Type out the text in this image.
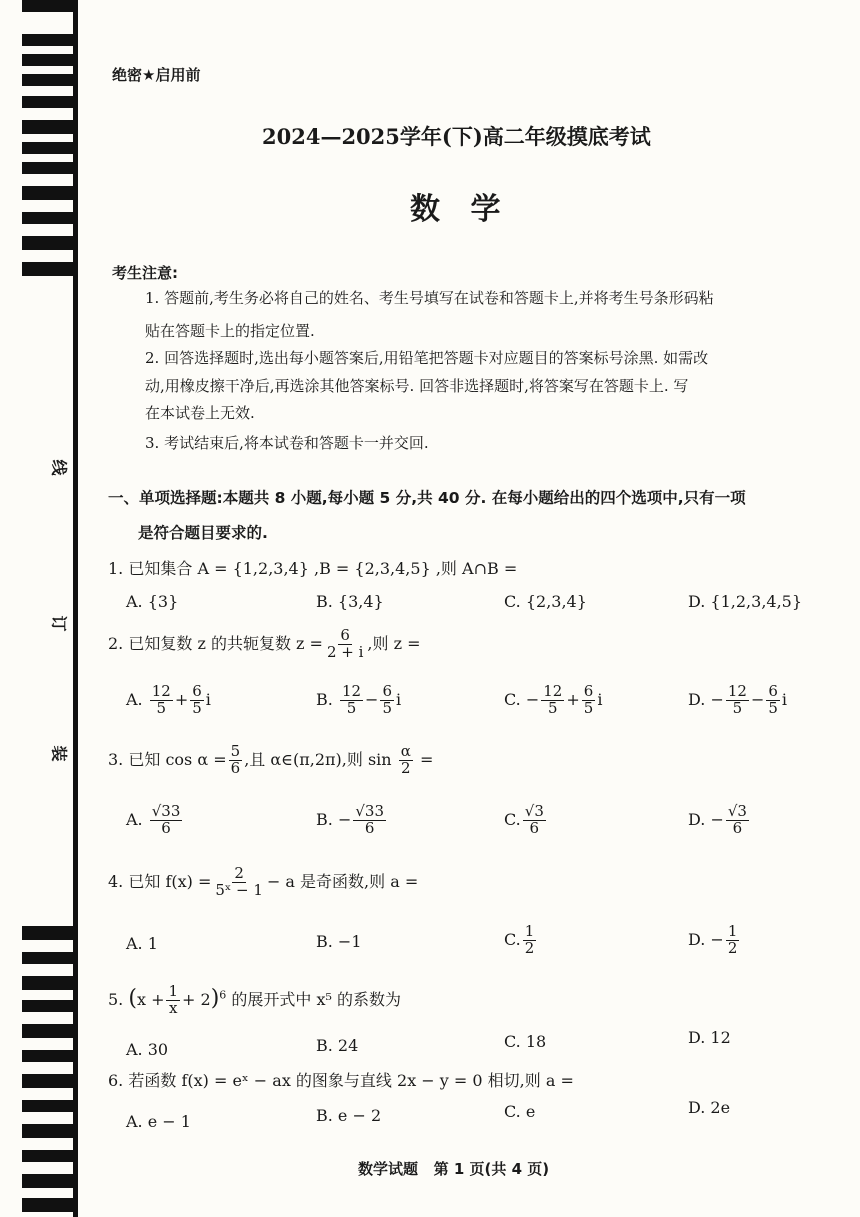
线
订
装
绝密★启用前
2024—2025学年(下)高二年级摸底考试
数 学
考生注意:
1. 答题前,考生务必将自己的姓名、考生号填写在试卷和答题卡上,并将考生号条形码粘
贴在答题卡上的指定位置.
2. 回答选择题时,选出每小题答案后,用铅笔把答题卡对应题目的答案标号涂黑. 如需改
动,用橡皮擦干净后,再选涂其他答案标号. 回答非选择题时,将答案写在答题卡上. 写
在本试卷上无效.
3. 考试结束后,将本试卷和答题卡一并交回.
一、单项选择题:本题共 8 小题,每小题 5 分,共 40 分. 在每小题给出的四个选项中,只有一项
是符合题目要求的.
1. 已知集合 A = {1,2,3,4} ,B = {2,3,4,5} ,则 A∩B =
A. {3}	B. {3,4}	C. {2,3,4}	D. {1,2,3,4,5}
2. 已知复数 z 的共轭复数 $z = \frac{6}{2 + i}$ ,则 z =
A. $\frac{12}{5} + \frac{6}{5}$ i	B. $\frac{12}{5} - \frac{6}{5}$ i	C. − $\frac{12}{5} + \frac{6}{5}$ i	D. − $\frac{12}{5} - \frac{6}{5}$ i
3. 已知 $\cos \alpha = \frac{5}{6}$ ,且 α∈(π,2π),则 $\sin \frac{\alpha}{2}$ =
A. $\frac{√33}{6}$	B. − $\frac{√33}{6}$	C. $\frac{√3}{6}$	D. − $\frac{√3}{6}$
4. 已知 $f(x) = \frac{2}{\text{5ˣ − 1}} - a$ 是奇函数,则 a =
A. 1	B. −1	C. $\frac{1}{2}$	D. − $\frac{1}{2}$
5. $(x + \frac{1}{x} + 2)^6$ 的展开式中 x⁵ 的系数为
A. 30	B. 24	C. 18	D. 12
6. 若函数 f(x) = eˣ − ax 的图象与直线 2x − y = 0 相切,则 a =
A. e − 1	B. e − 2	C. e	D. 2e
数学试题   第 1 页(共 4 页)
